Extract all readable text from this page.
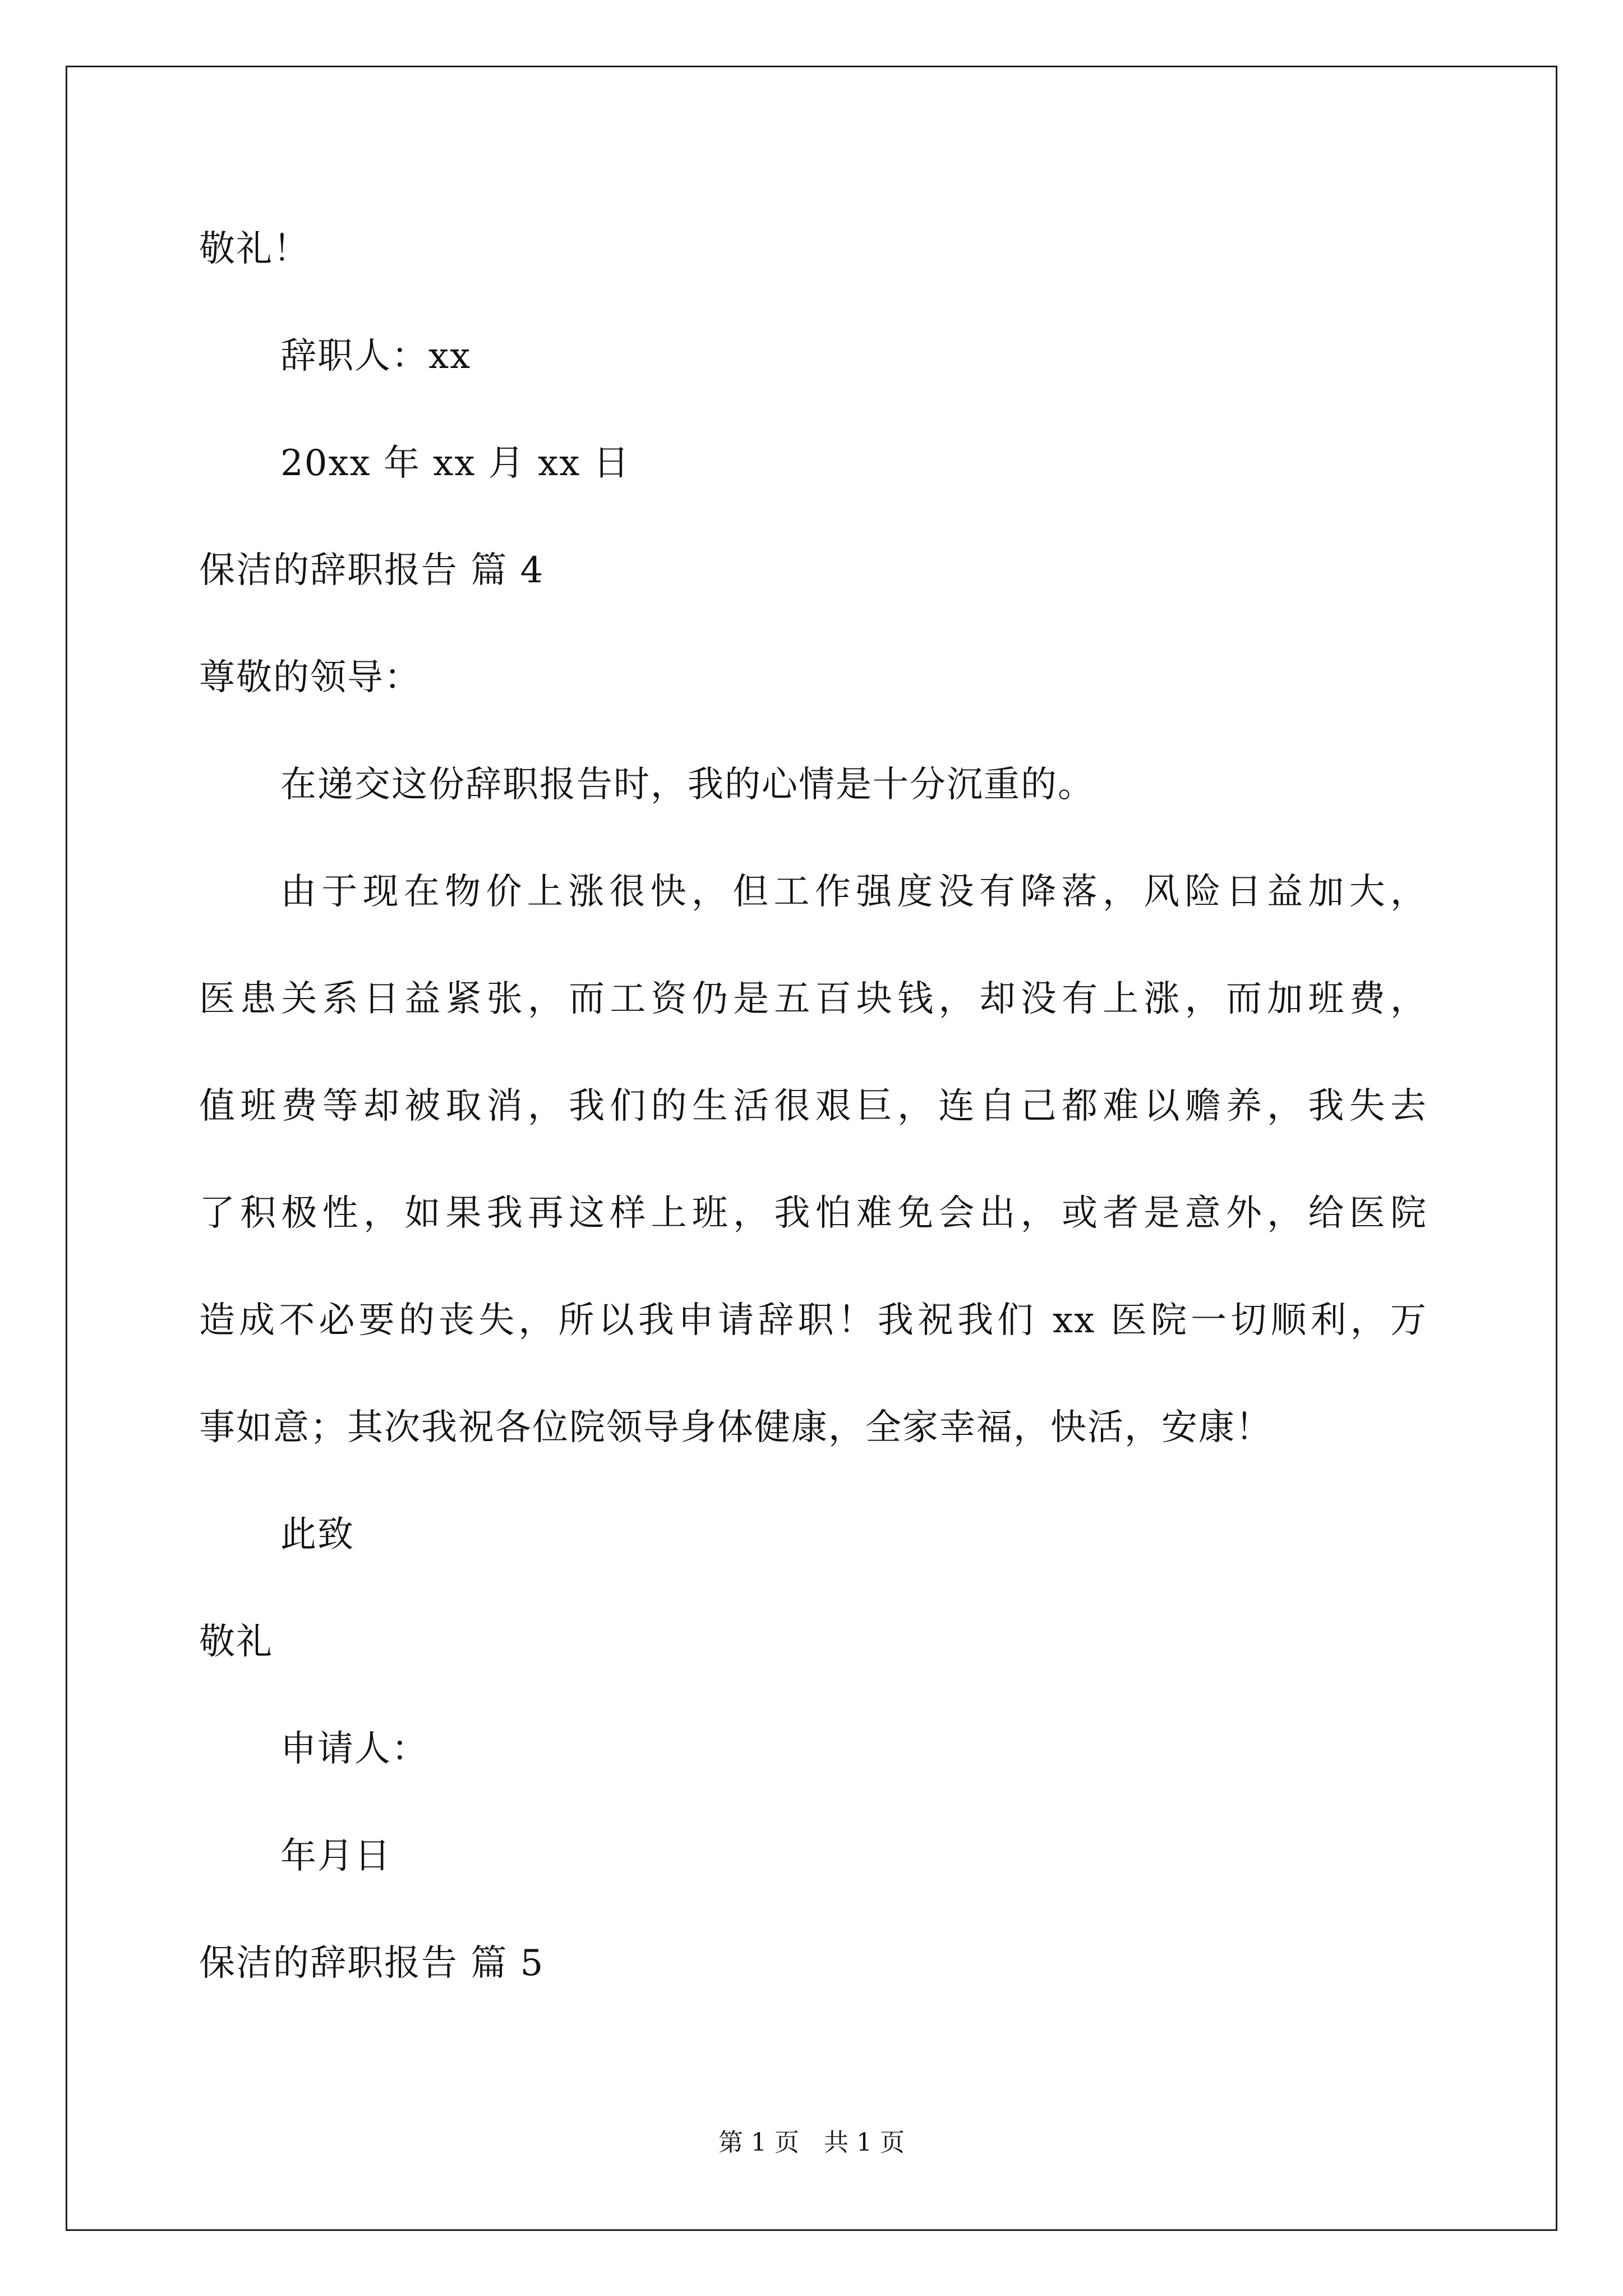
敬礼！
辞职人：xx
20xx 年 xx 月 xx 日
保洁的辞职报告 篇 4
尊敬的领导：
在递交这份辞职报告时，我的心情是十分沉重的。
由于现在物价上涨很快，但工作强度没有降落，风险日益加大，
医患关系日益紧张，而工资仍是五百块钱，却没有上涨，而加班费，
值班费等却被取消，我们的生活很艰巨，连自己都难以赡养，我失去
了积极性，如果我再这样上班，我怕难免会出，或者是意外，给医院
造成不必要的丧失，所以我申请辞职！我祝我们 xx 医院一切顺利，万
事如意；其次我祝各位院领导身体健康，全家幸福，快活，安康！
此致
敬礼
申请人：
年月日
保洁的辞职报告 篇 5
第 1 页　共 1 页
